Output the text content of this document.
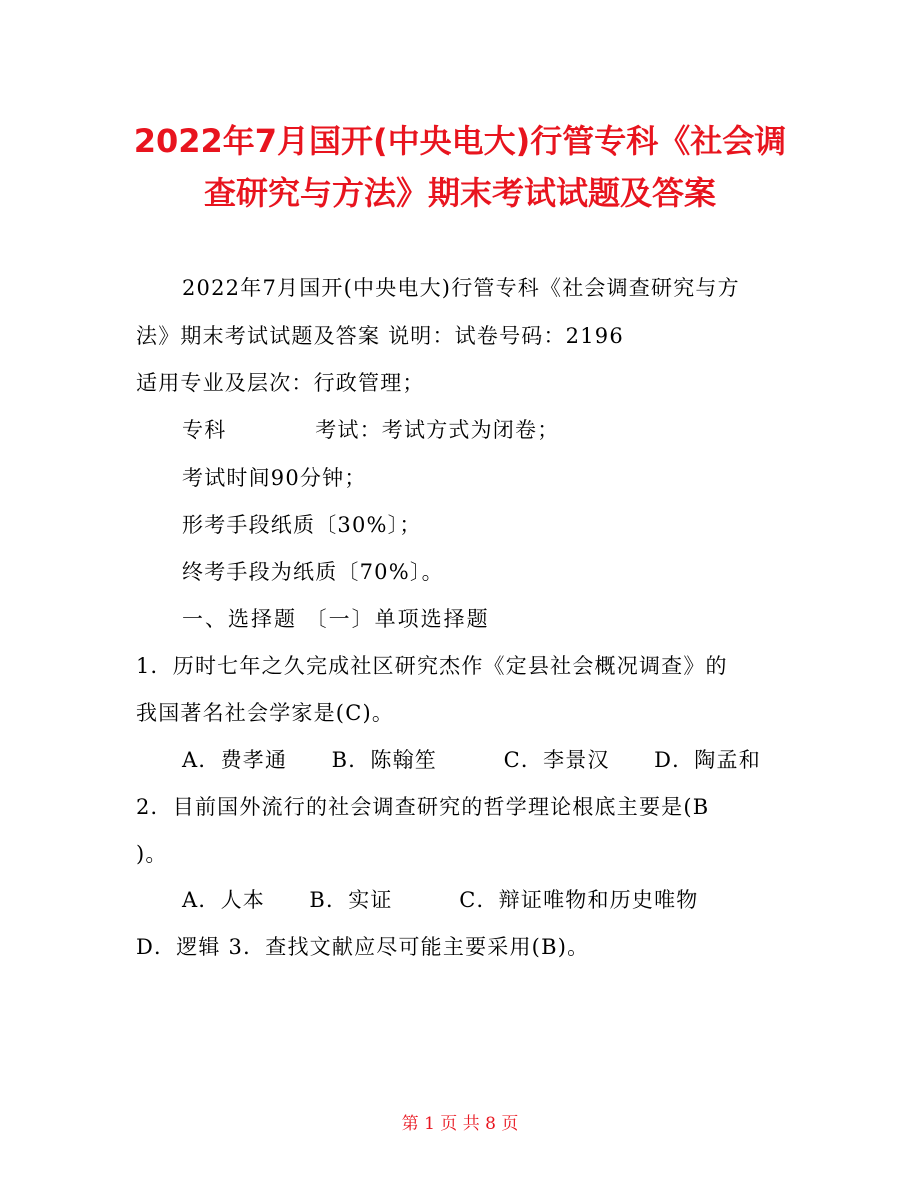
2022年7月国开(中央电大)行管专科《社会调
查研究与方法》期末考试试题及答案
2022年7月国开(中央电大)行管专科《社会调查研究与方
法》期末考试试题及答案 说明：试卷号码：2196
适用专业及层次：行政管理；
专科　　　　考试：考试方式为闭卷；
考试时间90分钟；
形考手段纸质〔30%〕；
终考手段为纸质〔70%〕。
一、选择题 〔一〕单项选择题
1．历时七年之久完成社区研究杰作《定县社会概况调查》的
我国著名社会学家是(C)。
A．费孝通　　B．陈翰笙　　　C．李景汉　　D．陶孟和
2．目前国外流行的社会调查研究的哲学理论根底主要是(B
)。
A．人本　　B．实证　　　C．辩证唯物和历史唯物
D．逻辑 3．查找文献应尽可能主要采用(B)。
第 1 页 共 8 页
